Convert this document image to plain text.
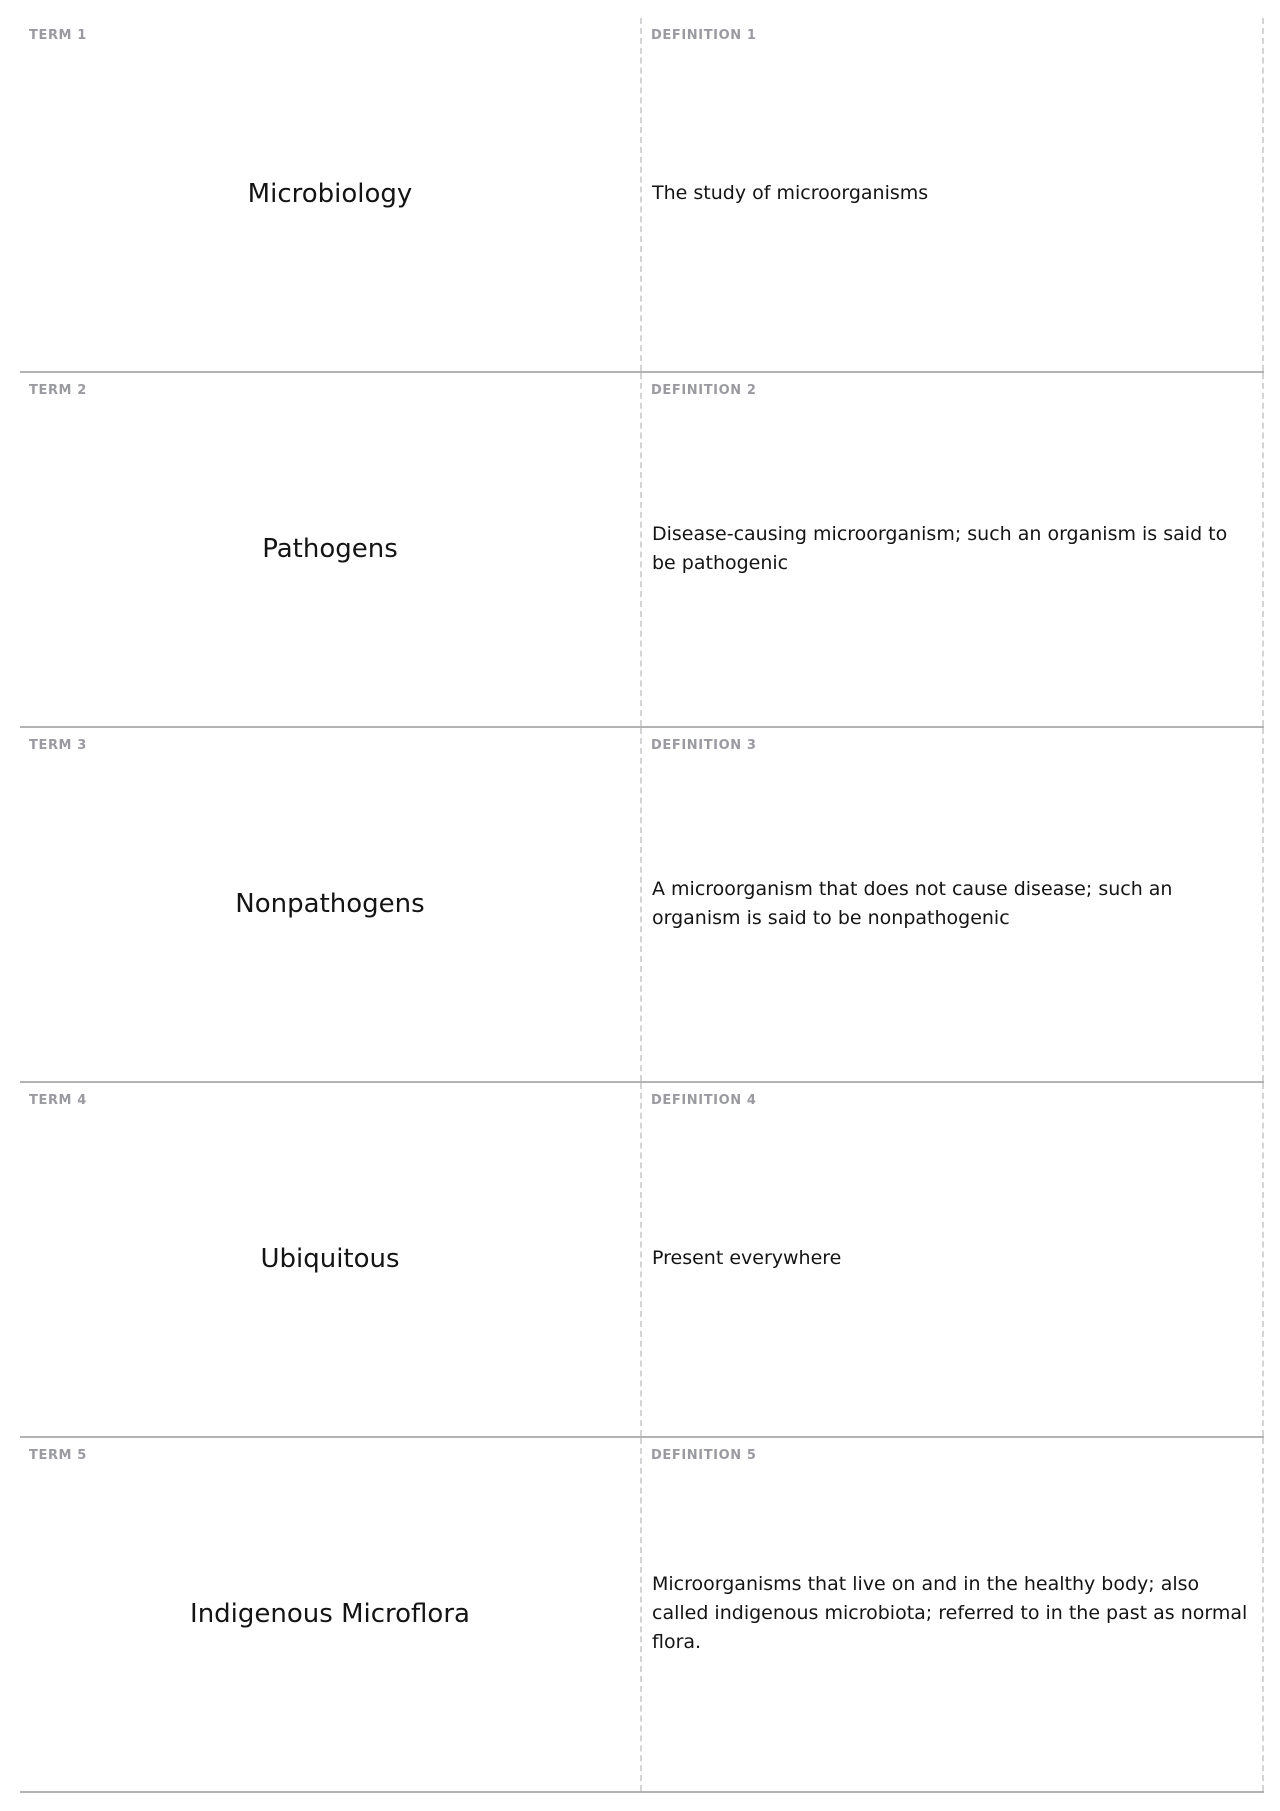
TERM 1
Microbiology
DEFINITION 1
The study of microorganisms
TERM 2
Pathogens
DEFINITION 2
Disease-causing microorganism; such an organism is said to be pathogenic
TERM 3
Nonpathogens
DEFINITION 3
A microorganism that does not cause disease; such an organism is said to be nonpathogenic
TERM 4
Ubiquitous
DEFINITION 4
Present everywhere
TERM 5
Indigenous Microflora
DEFINITION 5
Microorganisms that live on and in the healthy body; also called indigenous microbiota; referred to in the past as normal flora.
